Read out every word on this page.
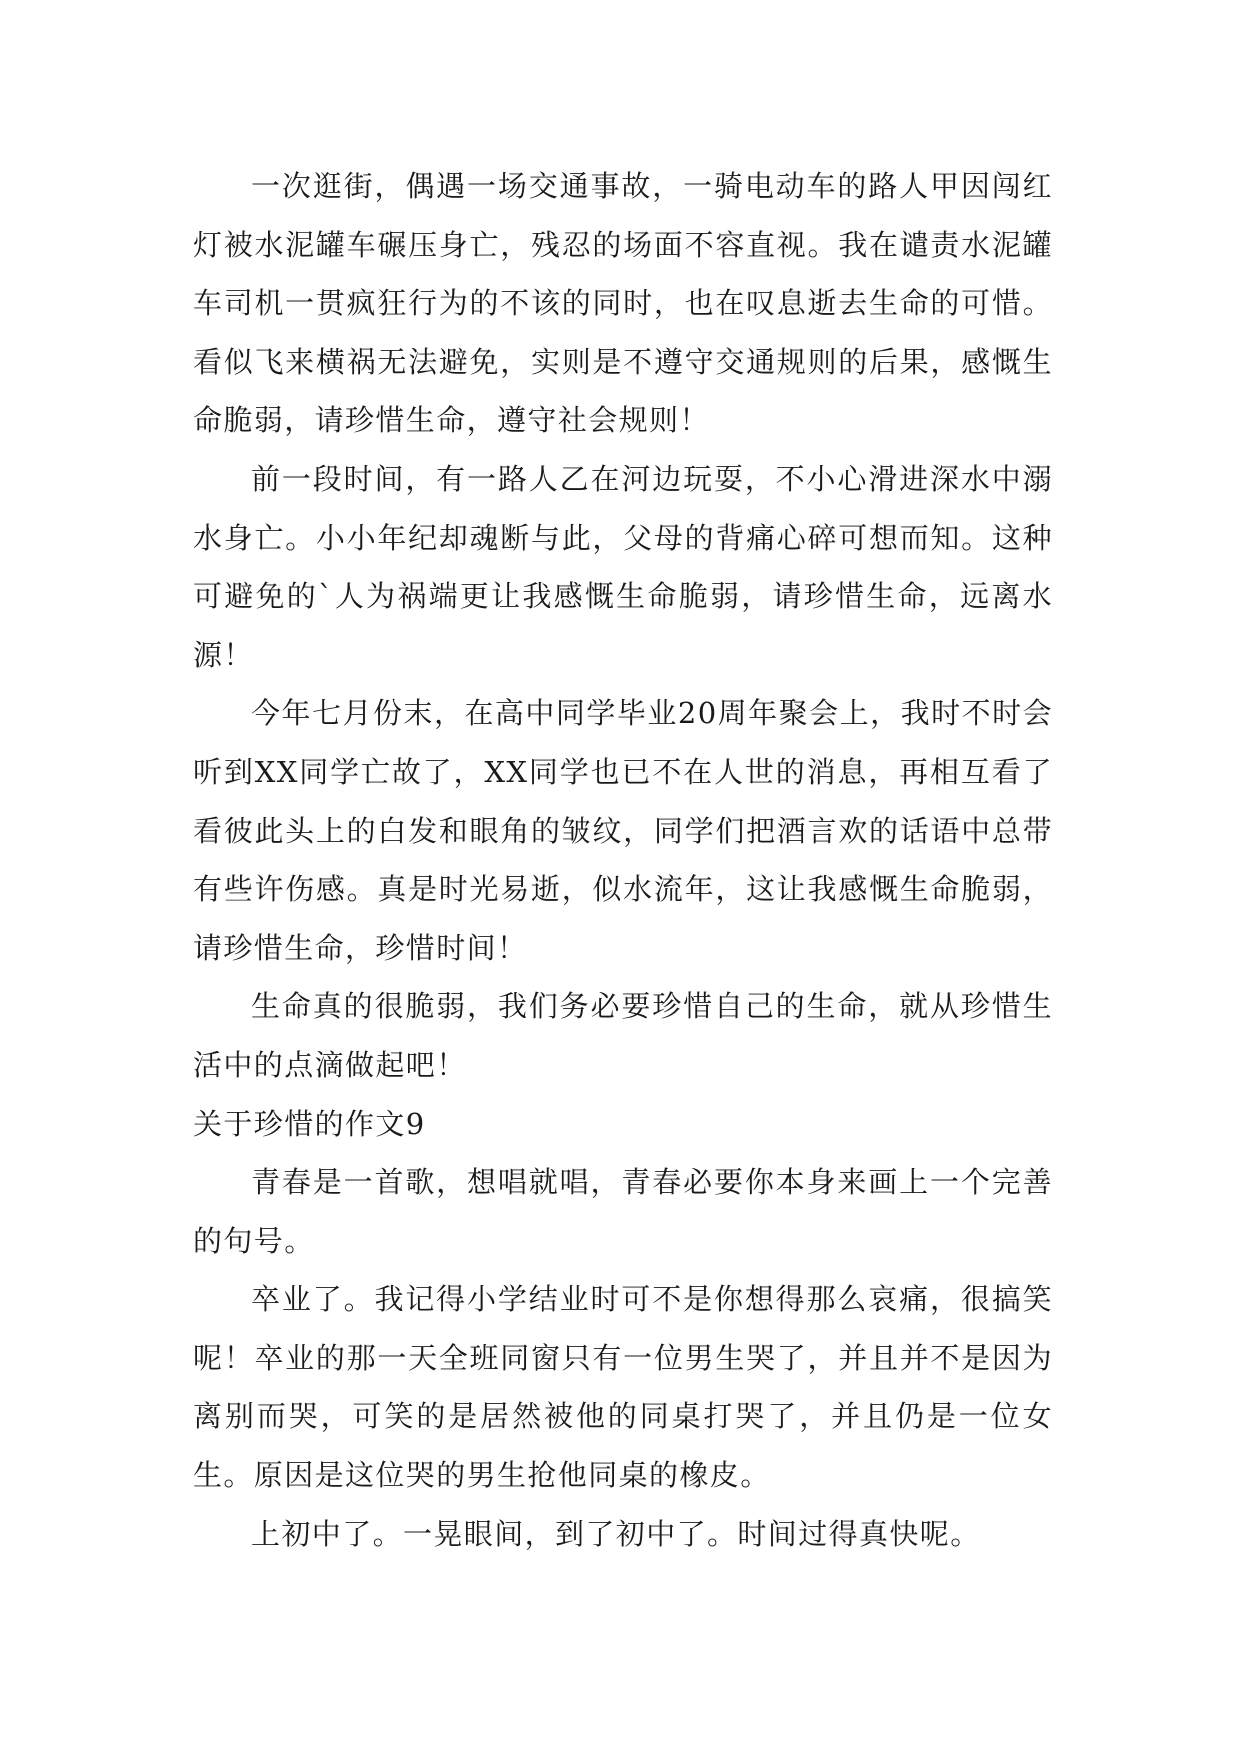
一次逛街，偶遇一场交通事故，一骑电动车的路人甲因闯红灯被水泥罐车碾压身亡，残忍的场面不容直视。我在谴责水泥罐车司机一贯疯狂行为的不该的同时，也在叹息逝去生命的可惜。看似飞来横祸无法避免，实则是不遵守交通规则的后果，感慨生命脆弱，请珍惜生命，遵守社会规则！

前一段时间，有一路人乙在河边玩耍，不小心滑进深水中溺水身亡。小小年纪却魂断与此，父母的背痛心碎可想而知。这种可避免的`人为祸端更让我感慨生命脆弱，请珍惜生命，远离水源！

今年七月份末，在高中同学毕业20周年聚会上，我时不时会听到XX同学亡故了，XX同学也已不在人世的消息，再相互看了看彼此头上的白发和眼角的皱纹，同学们把酒言欢的话语中总带有些许伤感。真是时光易逝，似水流年，这让我感慨生命脆弱，请珍惜生命，珍惜时间！

生命真的很脆弱，我们务必要珍惜自己的生命，就从珍惜生活中的点滴做起吧！

关于珍惜的作文9

青春是一首歌，想唱就唱，青春必要你本身来画上一个完善的句号。

卒业了。我记得小学结业时可不是你想得那么哀痛，很搞笑呢！卒业的那一天全班同窗只有一位男生哭了，并且并不是因为离别而哭，可笑的是居然被他的同桌打哭了，并且仍是一位女生。原因是这位哭的男生抢他同桌的橡皮。

上初中了。一晃眼间，到了初中了。时间过得真快呢。
